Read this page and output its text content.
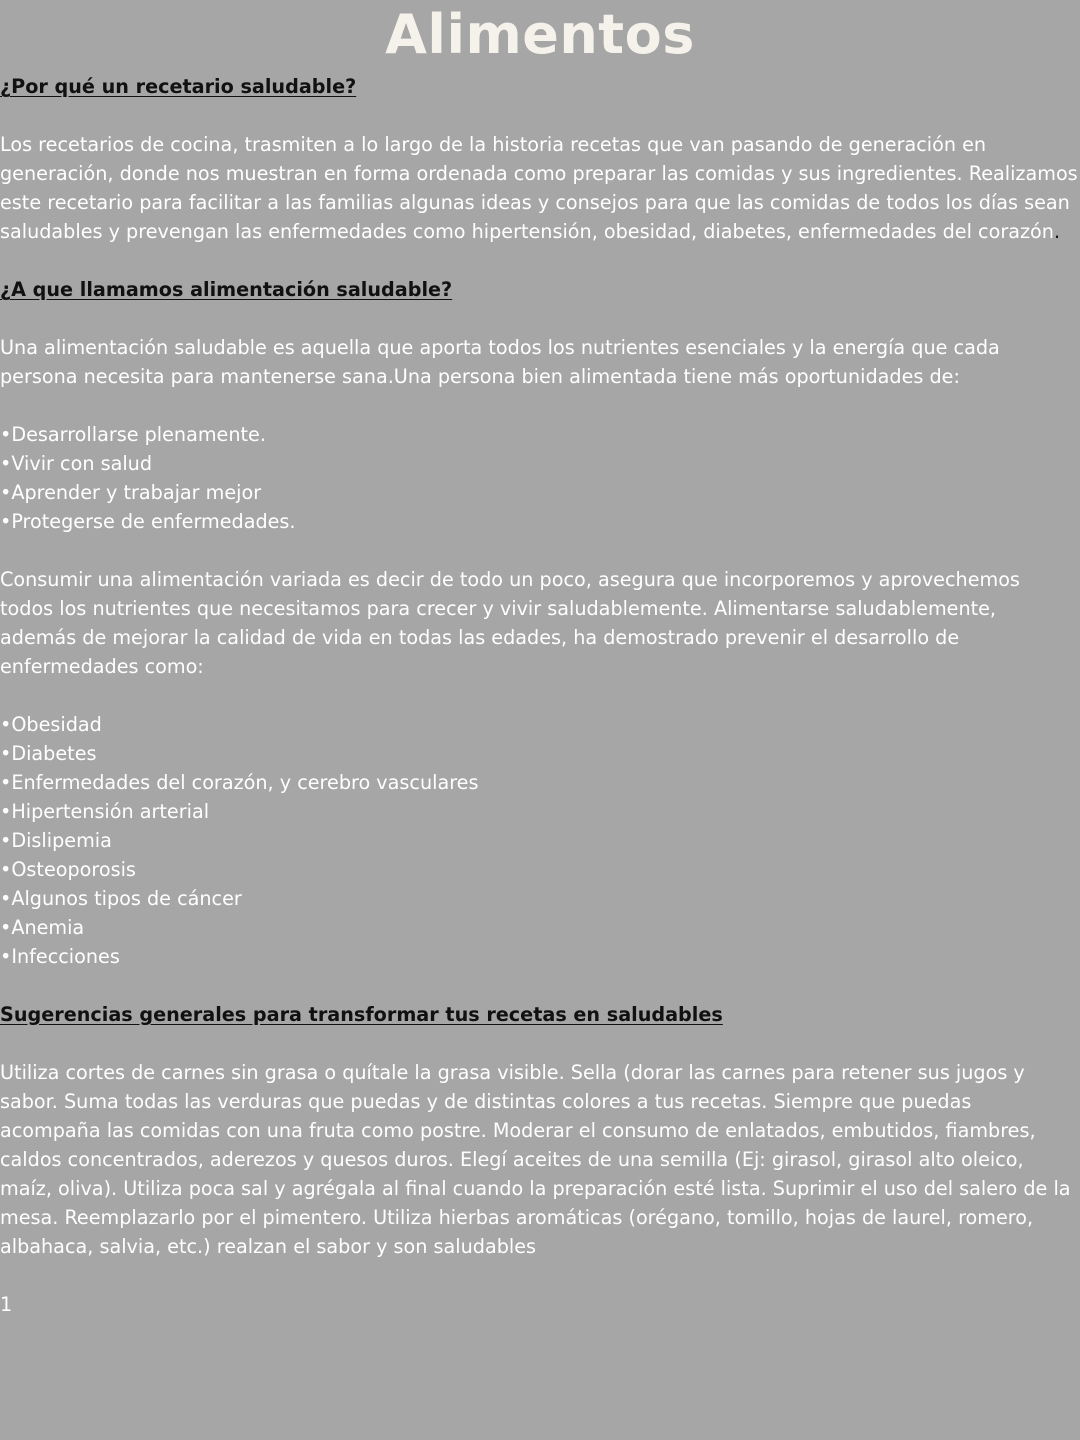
Alimentos
¿Por qué un recetario saludable?

Los recetarios de cocina, trasmiten a lo largo de la historia recetas que van pasando de generación en generación, donde nos muestran en forma ordenada como preparar las comidas y sus ingredientes. Realizamos este recetario para facilitar a las familias algunas ideas y consejos para que las comidas de todos los días sean saludables y prevengan las enfermedades como hipertensión, obesidad, diabetes, enfermedades del corazón.

¿A que llamamos alimentación saludable?

Una alimentación saludable es aquella que aporta todos los nutrientes esenciales y la energía que cada persona necesita para mantenerse sana.Una persona bien alimentada tiene más oportunidades de:

•Desarrollarse plenamente.
•Vivir con salud
•Aprender y trabajar mejor
•Protegerse de enfermedades.

Consumir una alimentación variada es decir de todo un poco, asegura que incorporemos y aprovechemos todos los nutrientes que necesitamos para crecer y vivir saludablemente. Alimentarse saludablemente, además de mejorar la calidad de vida en todas las edades, ha demostrado prevenir el desarrollo de enfermedades como:

•Obesidad
•Diabetes
•Enfermedades del corazón, y cerebro vasculares
•Hipertensión arterial
•Dislipemia
•Osteoporosis
•Algunos tipos de cáncer
•Anemia
•Infecciones
Sugerencias generales para transformar tus recetas en saludables

Utiliza cortes de carnes sin grasa o quítale la grasa visible. Sella (dorar las carnes para retener sus jugos y sabor. Suma todas las verduras que puedas y de distintas colores a tus recetas. Siempre que puedas acompaña las comidas con una fruta como postre. Moderar el consumo de enlatados, embutidos, fiambres, caldos concentrados, aderezos y quesos duros. Elegí aceites de una semilla (Ej: girasol, girasol alto oleico, maíz, oliva). Utiliza poca sal y agrégala al final cuando la preparación esté lista. Suprimir el uso del salero de la mesa. Reemplazarlo por el pimentero. Utiliza hierbas aromáticas (orégano, tomillo, hojas de laurel, romero, albahaca, salvia, etc.) realzan el sabor y son saludables

1
